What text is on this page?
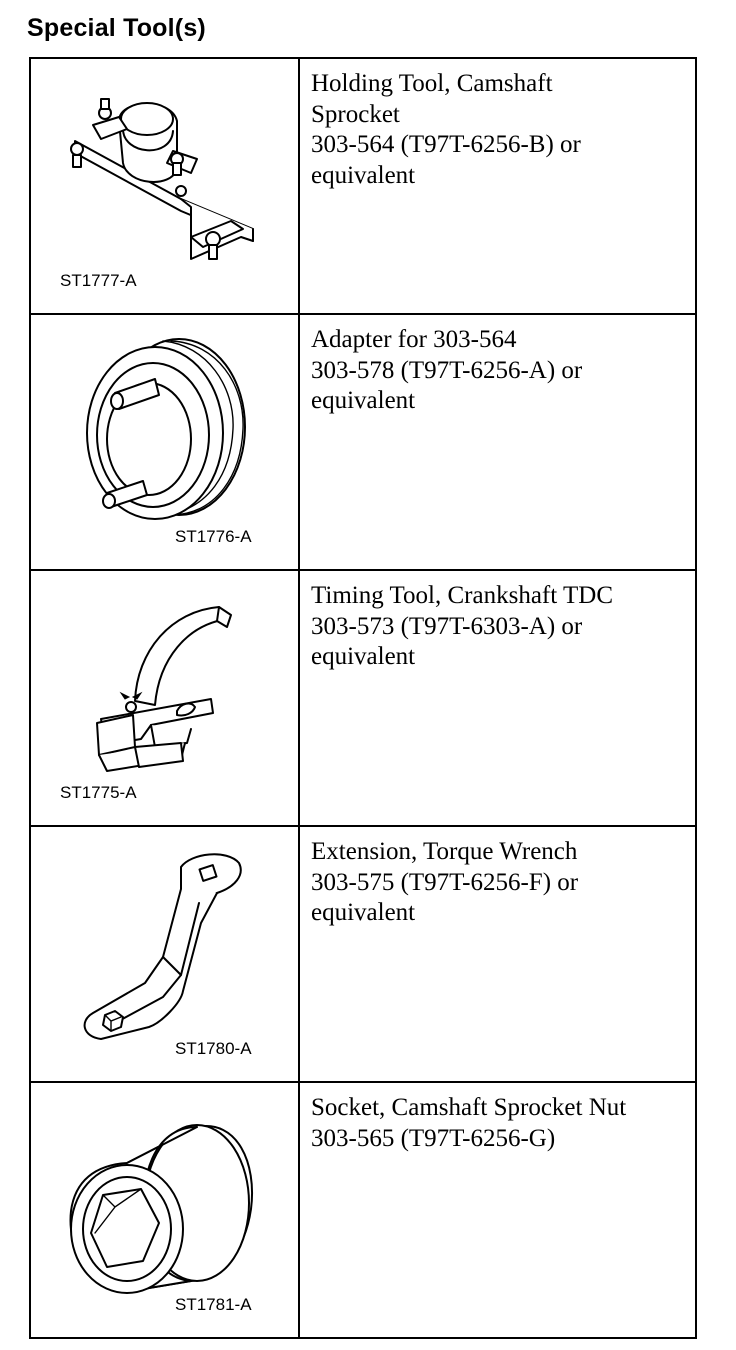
Special Tool(s)
ST1777-A	Holding Tool, Camshaft
Sprocket
303-564 (T97T-6256-B) or
equivalent

ST1776-A	Adapter for 303-564
303-578 (T97T-6256-A) or
equivalent

ST1775-A	Timing Tool, Crankshaft TDC
303-573 (T97T-6303-A) or
equivalent

ST1780-A	Extension, Torque Wrench
303-575 (T97T-6256-F) or
equivalent

ST1781-A	Socket, Camshaft Sprocket Nut
303-565 (T97T-6256-G)
